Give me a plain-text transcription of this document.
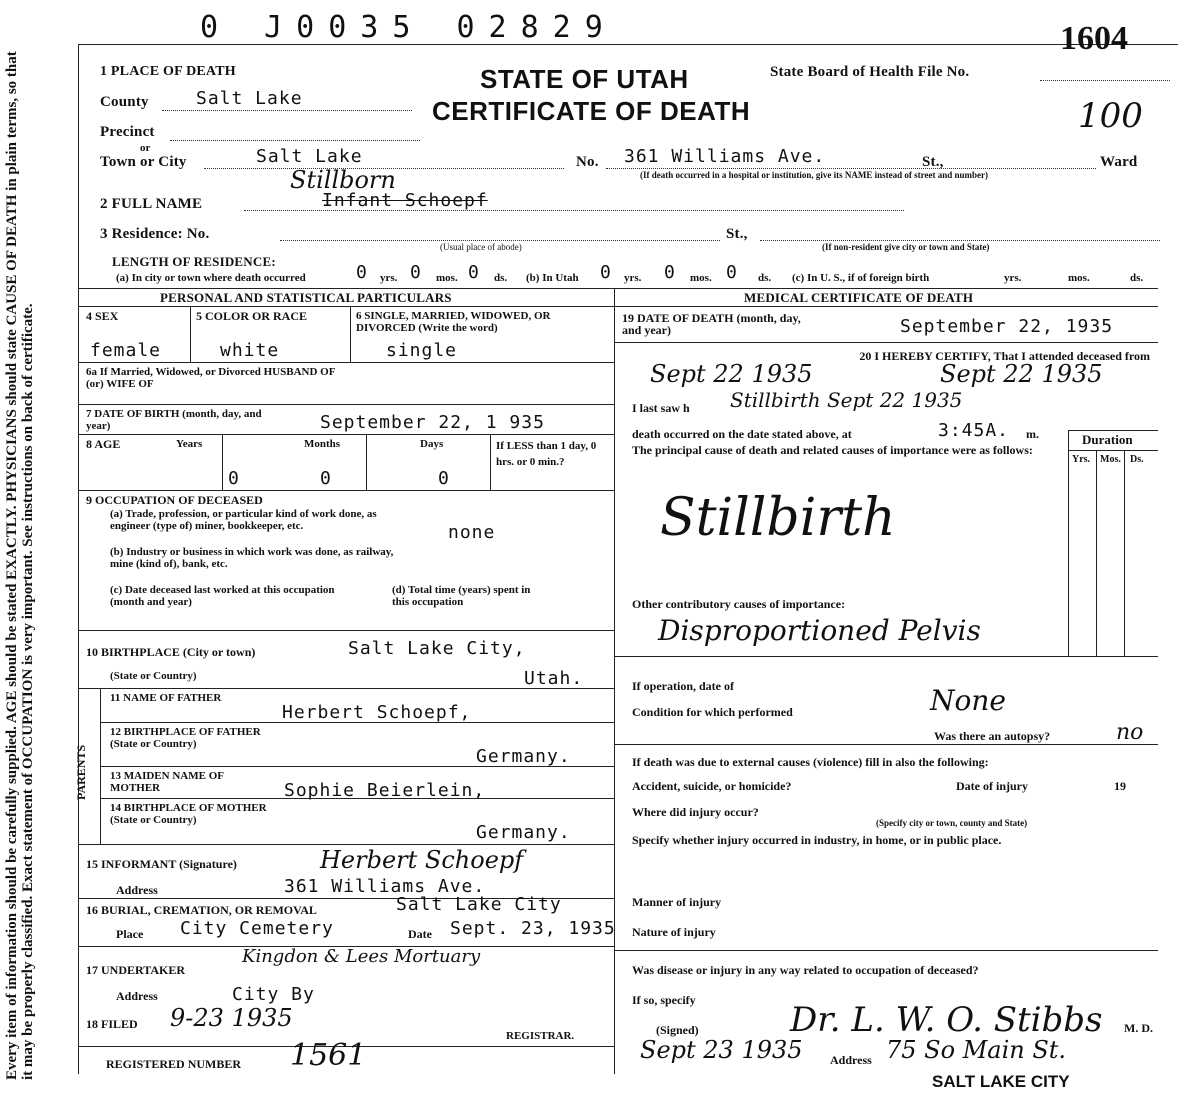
Every item of information should be carefully supplied. AGE should be stated EXACTLY. PHYSICIANS should state CAUSE OF DEATH in plain terms, so that it may be properly classified. Exact statement of OCCUPATION is very important. See instructions on back of certificate.
0 J0035 02829	1604
100
STATE OF UTAH
CERTIFICATE OF DEATH
State Board of Health File No.
1 PLACE OF DEATH
County	Salt Lake
Precinct
or
Town or City	Salt Lake	No. 361 Williams Ave.	St.,	Ward
(If death occurred in a hospital or institution, give its NAME instead of street and number)
Stillborn
2 FULL NAME	Infant Schoepf
3 Residence: No.
(Usual place of abode)
St.,
(If non-resident give city or town and State)
LENGTH OF RESIDENCE:
(a) In city or town where death occurred	0 yrs. 0 mos. 0 ds. (b) In Utah 0 yrs. 0 mos. 0 ds. (c) In U. S., if of foreign birth	yrs.	mos.	ds.
PERSONAL AND STATISTICAL PARTICULARS	MEDICAL CERTIFICATE OF DEATH
4 SEX	5 COLOR OR RACE	6 SINGLE, MARRIED, WIDOWED, OR DIVORCED (Write the word)
female	white	single
6a If Married, Widowed, or Divorced HUSBAND OF (or) WIFE OF
7 DATE OF BIRTH (month, day, and year)	September 22, 1 935
8 AGE	Years	Months	Days	If LESS than 1 day, 0 hrs. or 0 min.?
0	0	0
9 OCCUPATION OF DECEASED
(a) Trade, profession, or particular kind of work done, as engineer (type of) miner, bookkeeper, etc.	none
(b) Industry or business in which work was done, as railway, mine (kind of), bank, etc.
(c) Date deceased last worked at this occupation (month and year)
(d) Total time (years) spent in this occupation
10 BIRTHPLACE (City or town)	Salt Lake City,
(State or Country)	Utah.
PARENTS
11 NAME OF FATHER
Herbert Schoepf,
12 BIRTHPLACE OF FATHER (State or Country)
Germany.
13 MAIDEN NAME OF MOTHER	Sophie Beierlein,
14 BIRTHPLACE OF MOTHER (State or Country)
Germany.
15 INFORMANT (Signature)	Herbert Schoepf
Address	361 Williams Ave.
16 BURIAL, CREMATION, OR REMOVAL	Salt Lake City
Place City Cemetery	Date Sept. 23, 1935
Kingdon & Lees Mortuary
17 UNDERTAKER
Address	City By
18 FILED 9-23 1935
REGISTRAR.
REGISTERED NUMBER 1561
19 DATE OF DEATH (month, day, and year)	September 22, 1935
20 I HEREBY CERTIFY, That I attended deceased from
Sept 22 1935	Sept 22 1935
I last saw h Stillbirth Sept 22 1935
death occurred on the date stated above, at	3:45A. m.
The principal cause of death and related causes of importance were as follows:
Duration
Yrs. Mos. Ds.
Stillbirth
Other contributory causes of importance:
Disproportioned Pelvis
If operation, date of
Condition for which performed	None
Was there an autopsy?	no
If death was due to external causes (violence) fill in also the following:
Accident, suicide, or homicide?	Date of injury	19
Where did injury occur?
(Specify city or town, county and State)
Specify whether injury occurred in industry, in home, or in public place.
Manner of injury
Nature of injury
Was disease or injury in any way related to occupation of deceased?
If so, specify
(Signed)	Dr. L. W. O. Stibbs M. D.
Sept 23 1935 Address 75 So Main St.
SALT LAKE CITY
